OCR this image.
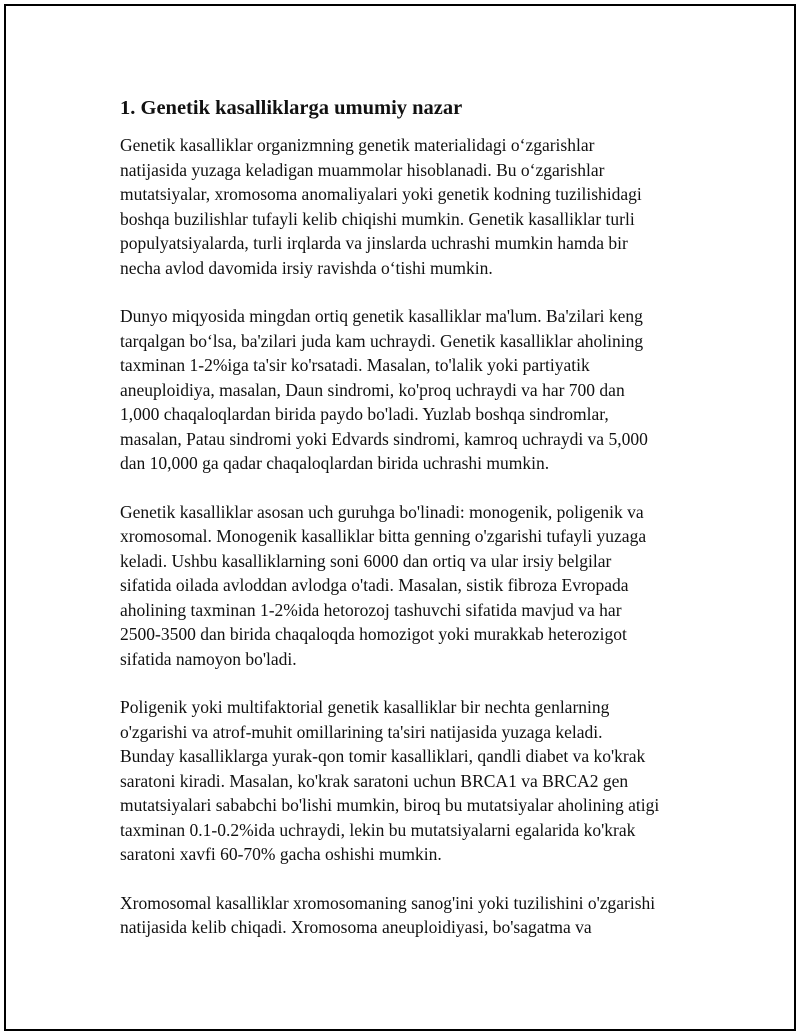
1. Genetik kasalliklarga umumiy nazar

Genetik kasalliklar organizmning genetik materialidagi o‘zgarishlar
natijasida yuzaga keladigan muammolar hisoblanadi. Bu o‘zgarishlar
mutatsiyalar, xromosoma anomaliyalari yoki genetik kodning tuzilishidagi
boshqa buzilishlar tufayli kelib chiqishi mumkin. Genetik kasalliklar turli
populyatsiyalarda, turli irqlarda va jinslarda uchrashi mumkin hamda bir
necha avlod davomida irsiy ravishda o‘tishi mumkin.

Dunyo miqyosida mingdan ortiq genetik kasalliklar ma'lum. Ba'zilari keng
tarqalgan bo‘lsa, ba'zilari juda kam uchraydi. Genetik kasalliklar aholining
taxminan 1-2%iga ta'sir ko'rsatadi. Masalan, to'lalik yoki partiyatik
aneuploidiya, masalan, Daun sindromi, ko'proq uchraydi va har 700 dan
1,000 chaqaloqlardan birida paydo bo'ladi. Yuzlab boshqa sindromlar,
masalan, Patau sindromi yoki Edvards sindromi, kamroq uchraydi va 5,000
dan 10,000 ga qadar chaqaloqlardan birida uchrashi mumkin.

Genetik kasalliklar asosan uch guruhga bo'linadi: monogenik, poligenik va
xromosomal. Monogenik kasalliklar bitta genning o'zgarishi tufayli yuzaga
keladi. Ushbu kasalliklarning soni 6000 dan ortiq va ular irsiy belgilar
sifatida oilada avloddan avlodga o'tadi. Masalan, sistik fibroza Evropada
aholining taxminan 1-2%ida hetorozoj tashuvchi sifatida mavjud va har
2500-3500 dan birida chaqaloqda homozigot yoki murakkab heterozigot
sifatida namoyon bo'ladi.

Poligenik yoki multifaktorial genetik kasalliklar bir nechta genlarning
o'zgarishi va atrof-muhit omillarining ta'siri natijasida yuzaga keladi.
Bunday kasalliklarga yurak-qon tomir kasalliklari, qandli diabet va ko'krak
saratoni kiradi. Masalan, ko'krak saratoni uchun BRCA1 va BRCA2 gen
mutatsiyalari sababchi bo'lishi mumkin, biroq bu mutatsiyalar aholining atigi
taxminan 0.1-0.2%ida uchraydi, lekin bu mutatsiyalarni egalarida ko'krak
saratoni xavfi 60-70% gacha oshishi mumkin.

Xromosomal kasalliklar xromosomaning sanog'ini yoki tuzilishini o'zgarishi
natijasida kelib chiqadi. Xromosoma aneuploidiyasi, bo'sagatma va
